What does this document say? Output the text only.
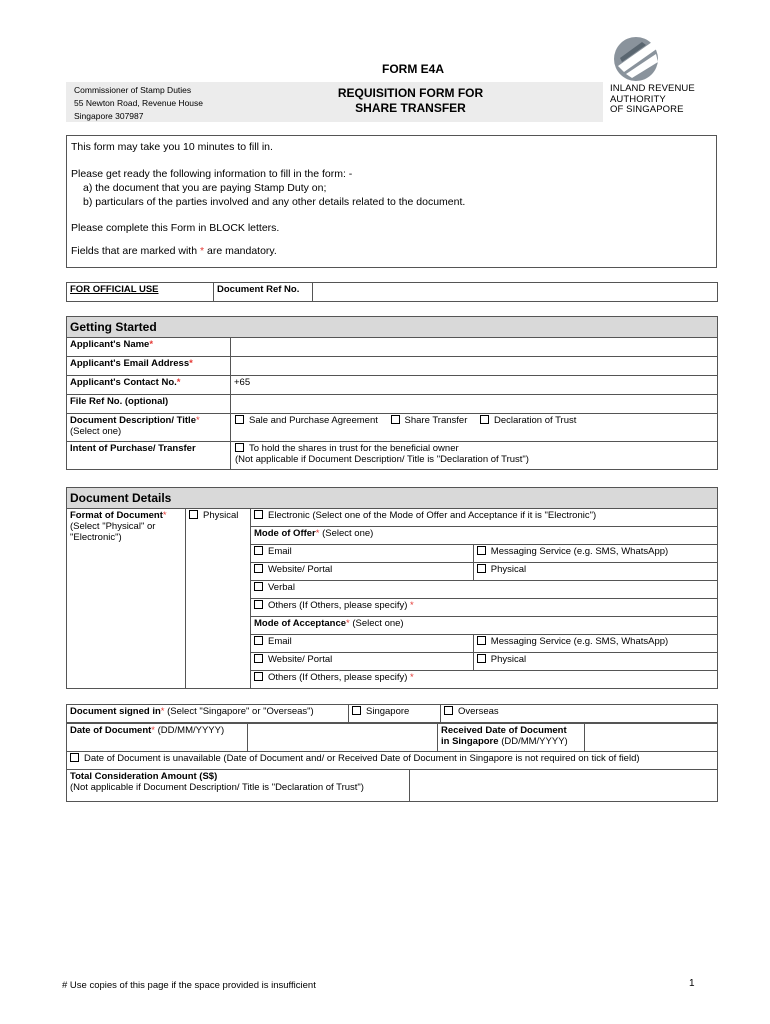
FORM E4A
Commissioner of Stamp Duties
55 Newton Road, Revenue House
Singapore 307987
REQUISITION FORM FOR
SHARE TRANSFER
INLAND REVENUE
AUTHORITY
OF SINGAPORE

This form may take you 10 minutes to fill in.

Please get ready the following information to fill in the form: -

a) the document that you are paying Stamp Duty on;

b) particulars of the parties involved and any other details related to the document.

Please complete this Form in BLOCK letters.

Fields that are marked with * are mandatory.

FOR OFFICIAL USE	Document Ref No.	
Getting Started	
Applicant's Name*	
Applicant's Email Address*	
Applicant's Contact No.*	+65
File Ref No. (optional)	
Document Description/ Title*
(Select one)	Sale and Purchase Agreement Share Transfer Declaration of Trust
Intent of Purchase/ Transfer	To hold the shares in trust for the beneficial owner
(Not applicable if Document Description/ Title is "Declaration of Trust")
Document Details			
Format of Document*
(Select "Physical" or "Electronic")	Physical	Electronic (Select one of the Mode of Offer and Acceptance if it is "Electronic")	
		Mode of Offer* (Select one)	
		Email	Messaging Service (e.g. SMS, WhatsApp)
		Website/ Portal	Physical
		Verbal	
		Others (If Others, please specify) *	
		Mode of Acceptance* (Select one)	
		Email	Messaging Service (e.g. SMS, WhatsApp)
		Website/ Portal	Physical
		Others (If Others, please specify) *	
Document signed in* (Select "Singapore" or "Overseas")	Singapore	Overseas
Date of Document* (DD/MM/YYYY)		Received Date of Document
in Singapore (DD/MM/YYYY)	
Date of Document is unavailable (Date of Document and/ or Received Date of Document in Singapore is not required on tick of field)
Total Consideration Amount (S$)
(Not applicable if Document Description/ Title is "Declaration of Trust")	
# Use copies of this page if the space provided is insufficient	1
